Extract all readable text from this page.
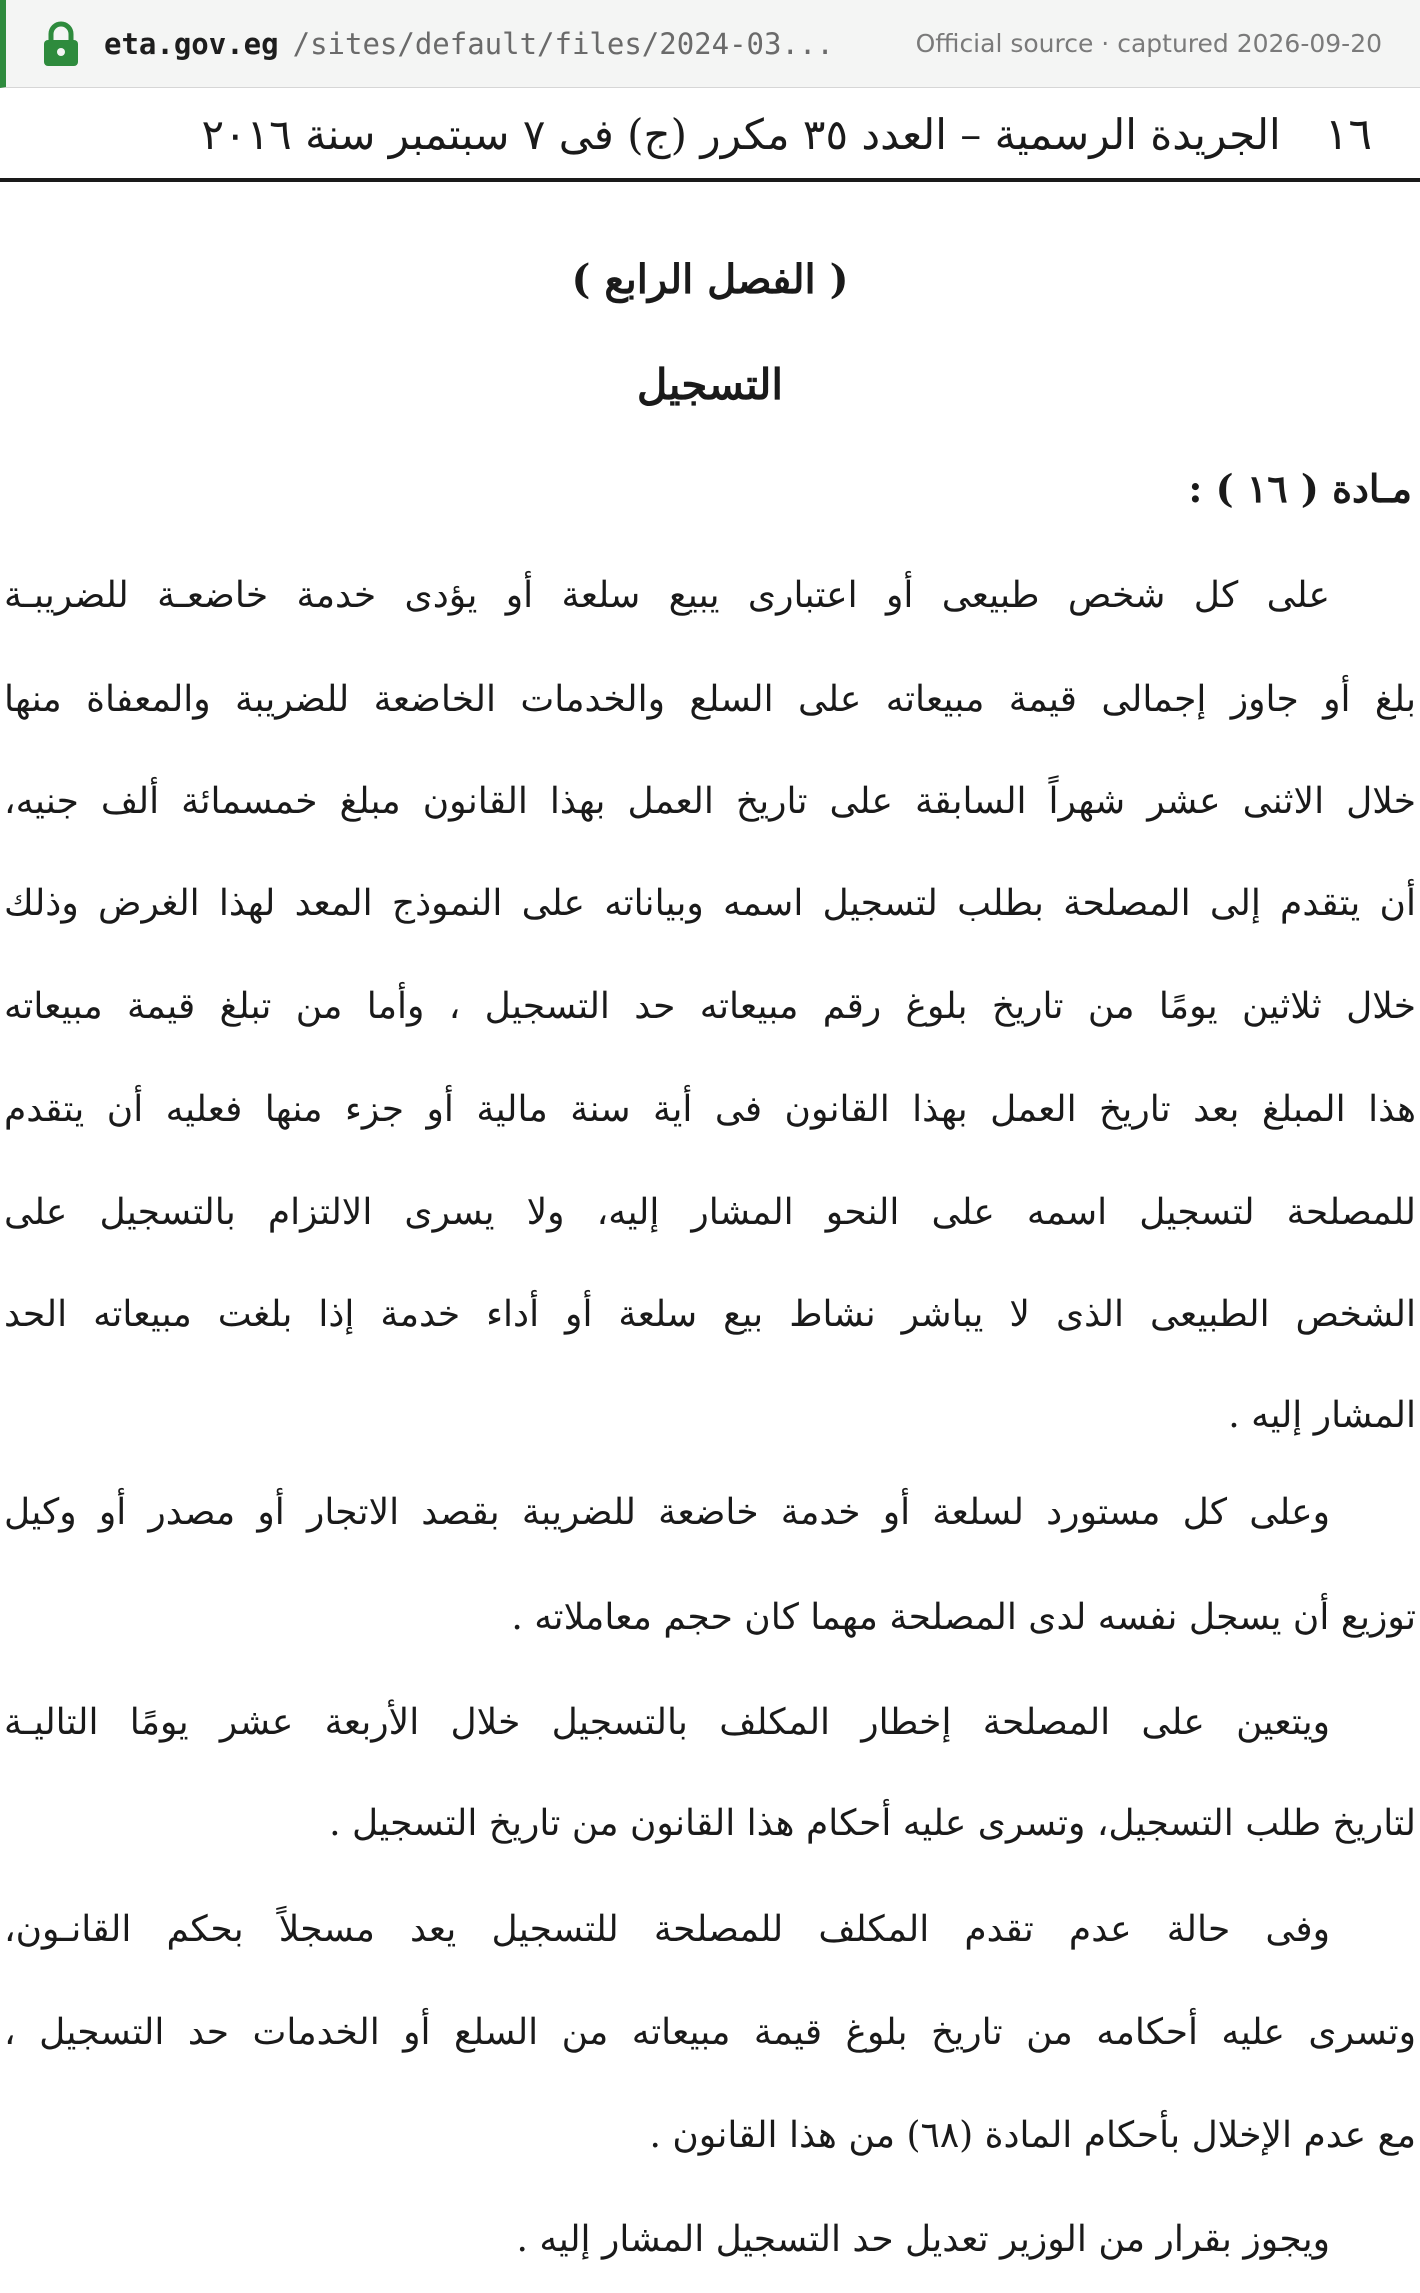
eta.gov.eg /sites/default/files/2024-03...	Official source · captured 2026-09-20
١٦
الجريدة الرسمية – العدد ٣٥ مكرر (ج) فى ٧ سبتمبر سنة ٢٠١٦
( الفصل الرابع )
التسجيل
مـادة ( ١٦ ) :
على كل شخص طبيعى أو اعتبارى يبيع سلعة أو يؤدى خدمة خاضعـة للضريبـة
بلغ أو جاوز إجمالى قيمة مبيعاته على السلع والخدمات الخاضعة للضريبة والمعفاة منها
خلال الاثنى عشر شهراً السابقة على تاريخ العمل بهذا القانون مبلغ خمسمائة ألف جنيه،
أن يتقدم إلى المصلحة بطلب لتسجيل اسمه وبياناته على النموذج المعد لهذا الغرض وذلك
خلال ثلاثين يومًا من تاريخ بلوغ رقم مبيعاته حد التسجيل ، وأما من تبلغ قيمة مبيعاته
هذا المبلغ بعد تاريخ العمل بهذا القانون فى أية سنة مالية أو جزء منها فعليه أن يتقدم
للمصلحة لتسجيل اسمه على النحو المشار إليه، ولا يسرى الالتزام بالتسجيل على
الشخص الطبيعى الذى لا يباشر نشاط بيع سلعة أو أداء خدمة إذا بلغت مبيعاته الحد
المشار إليه .
وعلى كل مستورد لسلعة أو خدمة خاضعة للضريبة بقصد الاتجار أو مصدر أو وكيل
توزيع أن يسجل نفسه لدى المصلحة مهما كان حجم معاملاته .
ويتعين على المصلحة إخطار المكلف بالتسجيل خلال الأربعة عشر يومًا التاليـة
لتاريخ طلب التسجيل، وتسرى عليه أحكام هذا القانون من تاريخ التسجيل .
وفى حالة عدم تقدم المكلف للمصلحة للتسجيل يعد مسجلاً بحكم القانـون،
وتسرى عليه أحكامه من تاريخ بلوغ قيمة مبيعاته من السلع أو الخدمات حد التسجيل ،
مع عدم الإخلال بأحكام المادة (٦٨) من هذا القانون .
ويجوز بقرار من الوزير تعديل حد التسجيل المشار إليه .
